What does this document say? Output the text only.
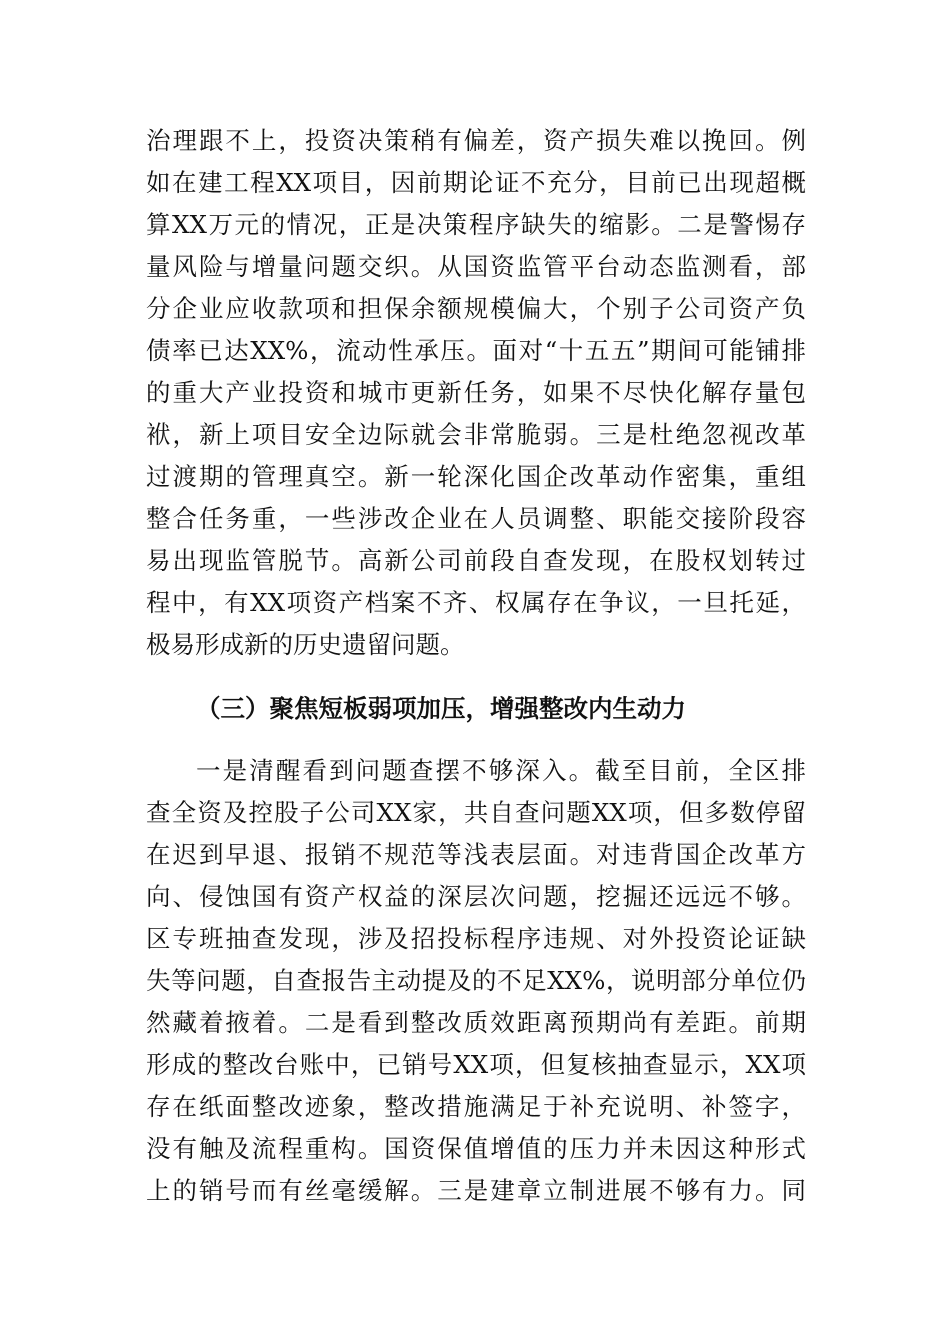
治理跟不上，投资决策稍有偏差，资产损失难以挽回。例
如在建工程XX项目，因前期论证不充分，目前已出现超概
算XX万元的情况，正是决策程序缺失的缩影。二是警惕存
量风险与增量问题交织。从国资监管平台动态监测看，部
分企业应收款项和担保余额规模偏大，个别子公司资产负
债率已达XX%，流动性承压。面对“十五五”期间可能铺排
的重大产业投资和城市更新任务，如果不尽快化解存量包
袱，新上项目安全边际就会非常脆弱。三是杜绝忽视改革
过渡期的管理真空。新一轮深化国企改革动作密集，重组
整合任务重，一些涉改企业在人员调整、职能交接阶段容
易出现监管脱节。高新公司前段自查发现，在股权划转过
程中，有XX项资产档案不齐、权属存在争议，一旦托延，
极易形成新的历史遗留问题。
（三）聚焦短板弱项加压，增强整改内生动力
一是清醒看到问题查摆不够深入。截至目前，全区排
查全资及控股子公司XX家，共自查问题XX项，但多数停留
在迟到早退、报销不规范等浅表层面。对违背国企改革方
向、侵蚀国有资产权益的深层次问题，挖掘还远远不够。
区专班抽查发现，涉及招投标程序违规、对外投资论证缺
失等问题，自查报告主动提及的不足XX%，说明部分单位仍
然藏着掖着。二是看到整改质效距离预期尚有差距。前期
形成的整改台账中，已销号XX项，但复核抽查显示，XX项
存在纸面整改迹象，整改措施满足于补充说明、补签字，
没有触及流程重构。国资保值增值的压力并未因这种形式
上的销号而有丝毫缓解。三是建章立制进展不够有力。同
